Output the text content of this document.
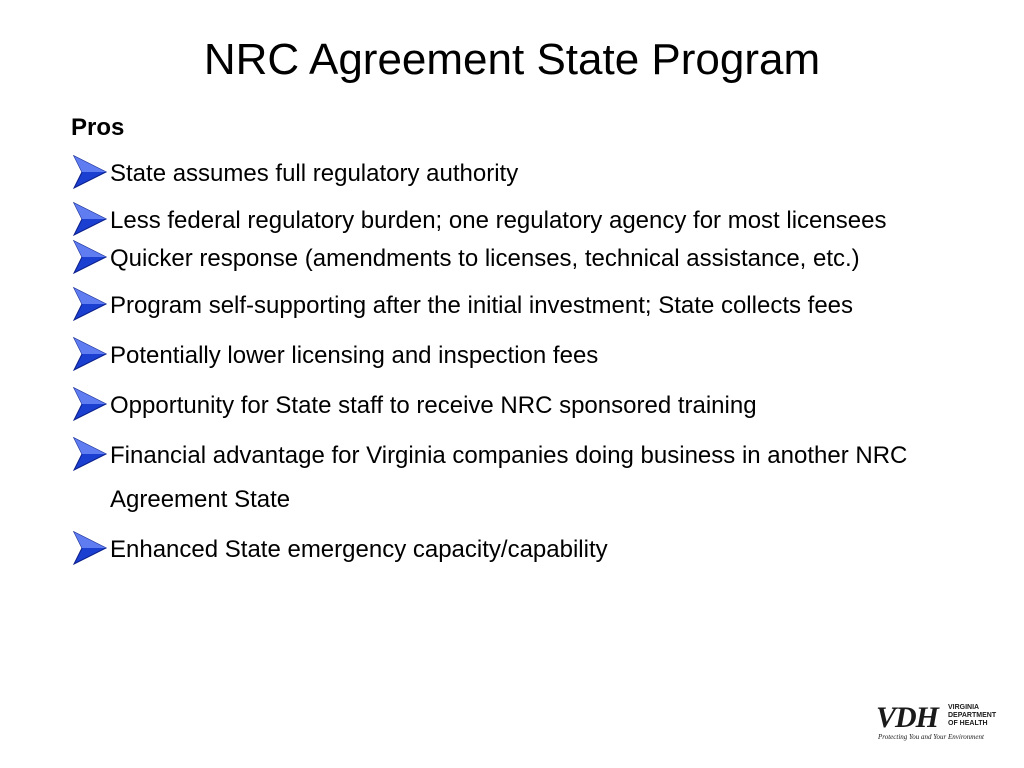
NRC Agreement State Program
Pros
State assumes full regulatory authority
Less federal regulatory burden; one regulatory agency for most licensees
Quicker response (amendments to licenses, technical assistance, etc.)
Program self-supporting after the initial investment; State collects fees
Potentially lower licensing and inspection fees
Opportunity for State staff to receive NRC sponsored training
Financial advantage for Virginia companies doing business in another NRC Agreement State
Enhanced State emergency capacity/capability
VDH VIRGINIA
DEPARTMENT
OF HEALTH
Protecting You and Your Environment
